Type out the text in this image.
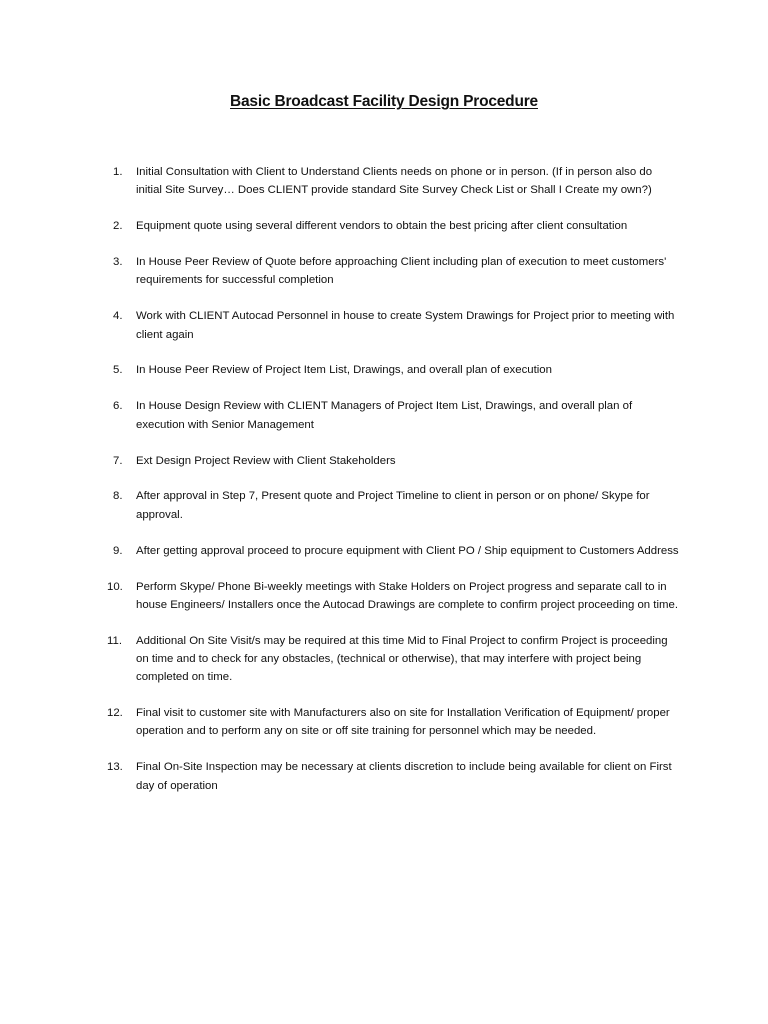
Basic Broadcast Facility Design Procedure
1.	Initial Consultation with Client to Understand Clients needs on phone or in person. (If in person also do initial Site Survey… Does CLIENT provide standard Site Survey Check List or Shall I Create my own?)
2.	Equipment quote using several different vendors to obtain the best pricing after client consultation
3.	In House Peer Review of Quote before approaching Client including plan of execution to meet customers' requirements for successful completion
4.	Work with CLIENT Autocad Personnel in house to create System Drawings for Project prior to meeting with client again
5.	In House Peer Review of Project Item List, Drawings, and overall plan of execution
6.	In House Design Review with CLIENT Managers of Project Item List, Drawings, and overall plan of execution with Senior Management
7.	Ext Design Project Review with Client Stakeholders
8.	After approval in Step 7, Present quote and Project Timeline to client in person or on phone/ Skype for approval.
9.	After getting approval proceed to procure equipment with Client PO / Ship equipment to Customers Address
10.	Perform Skype/ Phone Bi-weekly meetings with Stake Holders on Project progress and separate call to in house Engineers/ Installers once the Autocad Drawings are complete to confirm project proceeding on time.
11.	Additional On Site Visit/s may be required at this time Mid to Final Project to confirm Project is proceeding on time and to check for any obstacles, (technical or otherwise), that may interfere with project being completed on time.
12.	Final visit to customer site with Manufacturers also on site for Installation Verification of Equipment/ proper operation and to perform any on site or off site training for personnel which may be needed.
13.	Final On-Site Inspection may be necessary at clients discretion to include being available for client on First day of operation
